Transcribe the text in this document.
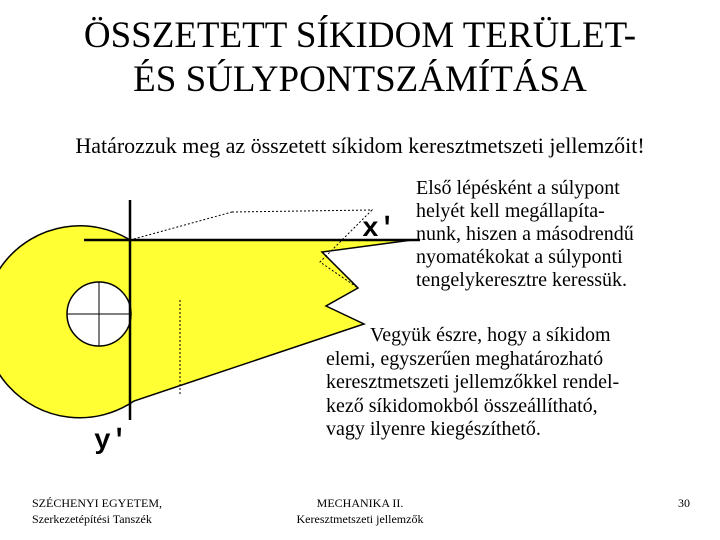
ÖSSZETETT SÍKIDOM TERÜLET-
ÉS SÚLYPONTSZÁMÍTÁSA
Határozzuk meg az összetett síkidom keresztmetszeti jellemzőit!
x'
y'
Első lépésként a súlypont
helyét kell megállapíta-
nunk, hiszen a másodrendű
nyomatékokat a súlyponti
tengelykeresztre keressük.
Vegyük észre, hogy a síkidom
elemi, egyszerűen meghatározható
keresztmetszeti jellemzőkkel rendel-
kező síkidomokból összeállítható,
vagy ilyenre kiegészíthető.
SZÉCHENYI EGYETEM,
Szerkezetépítési Tanszék
MECHANIKA II.
Keresztmetszeti jellemzők
30
